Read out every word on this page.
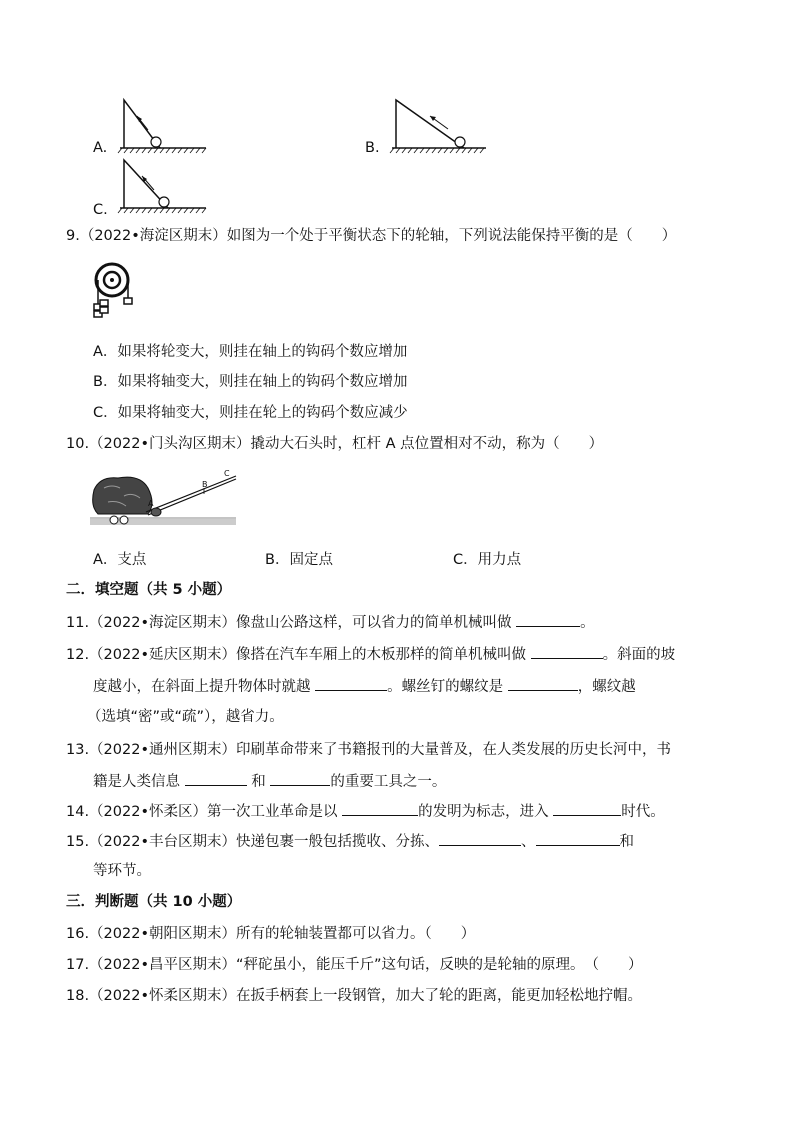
A.	B.
C.
9.（2022•海淀区期末）如图为一个处于平衡状态下的轮轴，下列说法能保持平衡的是（　　）
A．如果将轮变大，则挂在轴上的钩码个数应增加
B．如果将轴变大，则挂在轴上的钩码个数应增加
C．如果将轴变大，则挂在轮上的钩码个数应减少
10.（2022•门头沟区期末）撬动大石头时，杠杆 A 点位置相对不动，称为（　　）
A
B
C
A．支点	B．固定点	C．用力点
二．填空题（共 5 小题）
11.（2022•海淀区期末）像盘山公路这样，可以省力的简单机械叫做	。
12.（2022•延庆区期末）像搭在汽车车厢上的木板那样的简单机械叫做	。斜面的坡
度越小，在斜面上提升物体时就越	。螺丝钉的螺纹是	，螺纹越
（选填“密”或“疏”），越省力。
13.（2022•通州区期末）印刷革命带来了书籍报刊的大量普及，在人类发展的历史长河中，书
籍是人类信息	和	的重要工具之一。
14.（2022•怀柔区）第一次工业革命是以	的发明为标志，进入	时代。
15.（2022•丰台区期末）快递包裹一般包括揽收、分拣、	、	和
等环节。
三．判断题（共 10 小题）
16.（2022•朝阳区期末）所有的轮轴装置都可以省力。（　　）
17.（2022•昌平区期末）“秤砣虽小，能压千斤”这句话，反映的是轮轴的原理。　（　　）
18.（2022•怀柔区期末）在扳手柄套上一段钢管，加大了轮的距离，能更加轻松地拧帽。
